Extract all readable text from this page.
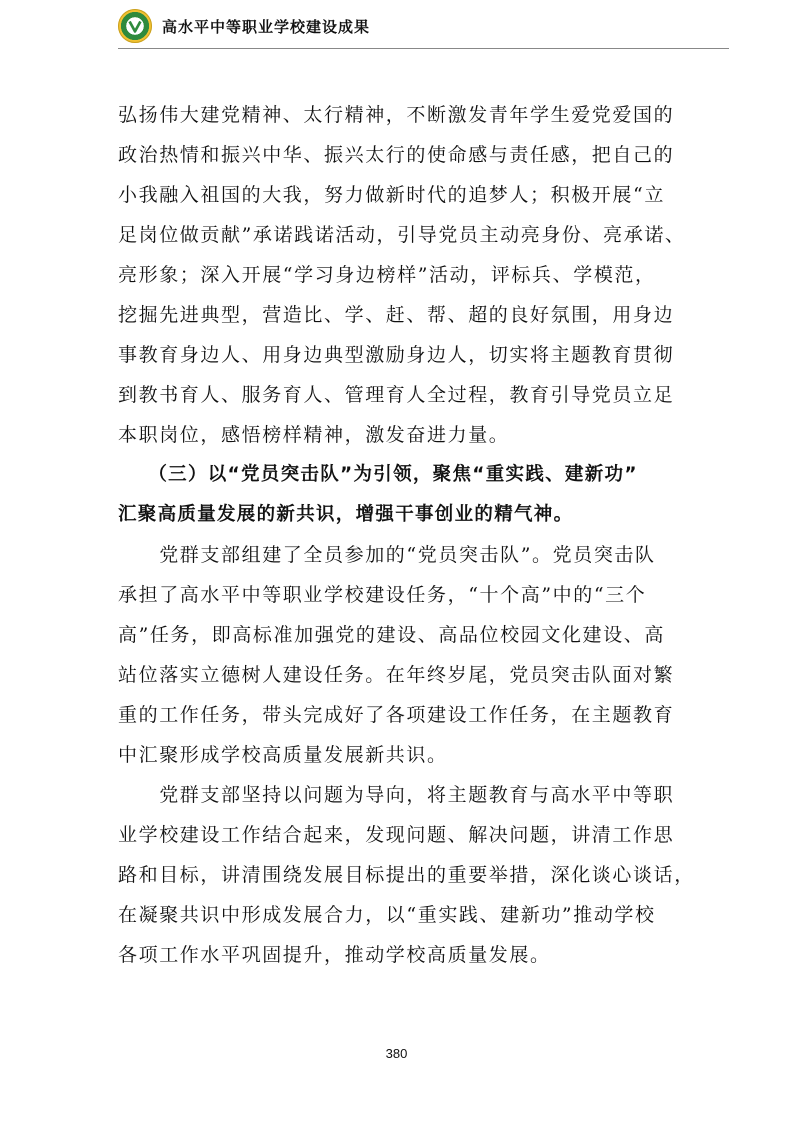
高水平中等职业学校建设成果
弘扬伟大建党精神、太行精神，不断激发青年学生爱党爱国的
政治热情和振兴中华、振兴太行的使命感与责任感，把自己的
小我融入祖国的大我，努力做新时代的追梦人；积极开展“立
足岗位做贡献”承诺践诺活动，引导党员主动亮身份、亮承诺、
亮形象；深入开展“学习身边榜样”活动，评标兵、学模范，
挖掘先进典型，营造比、学、赶、帮、超的良好氛围，用身边
事教育身边人、用身边典型激励身边人，切实将主题教育贯彻
到教书育人、服务育人、管理育人全过程，教育引导党员立足
本职岗位，感悟榜样精神，激发奋进力量。
　　（三）以“党员突击队”为引领，聚焦“重实践、建新功”
汇聚高质量发展的新共识，增强干事创业的精气神。
　　党群支部组建了全员参加的“党员突击队”。党员突击队
承担了高水平中等职业学校建设任务，“十个高”中的“三个
高”任务，即高标准加强党的建设、高品位校园文化建设、高
站位落实立德树人建设任务。在年终岁尾，党员突击队面对繁
重的工作任务，带头完成好了各项建设工作任务，在主题教育
中汇聚形成学校高质量发展新共识。
　　党群支部坚持以问题为导向，将主题教育与高水平中等职
业学校建设工作结合起来，发现问题、解决问题，讲清工作思
路和目标，讲清围绕发展目标提出的重要举措，深化谈心谈话，
在凝聚共识中形成发展合力，以“重实践、建新功”推动学校
各项工作水平巩固提升，推动学校高质量发展。
380
